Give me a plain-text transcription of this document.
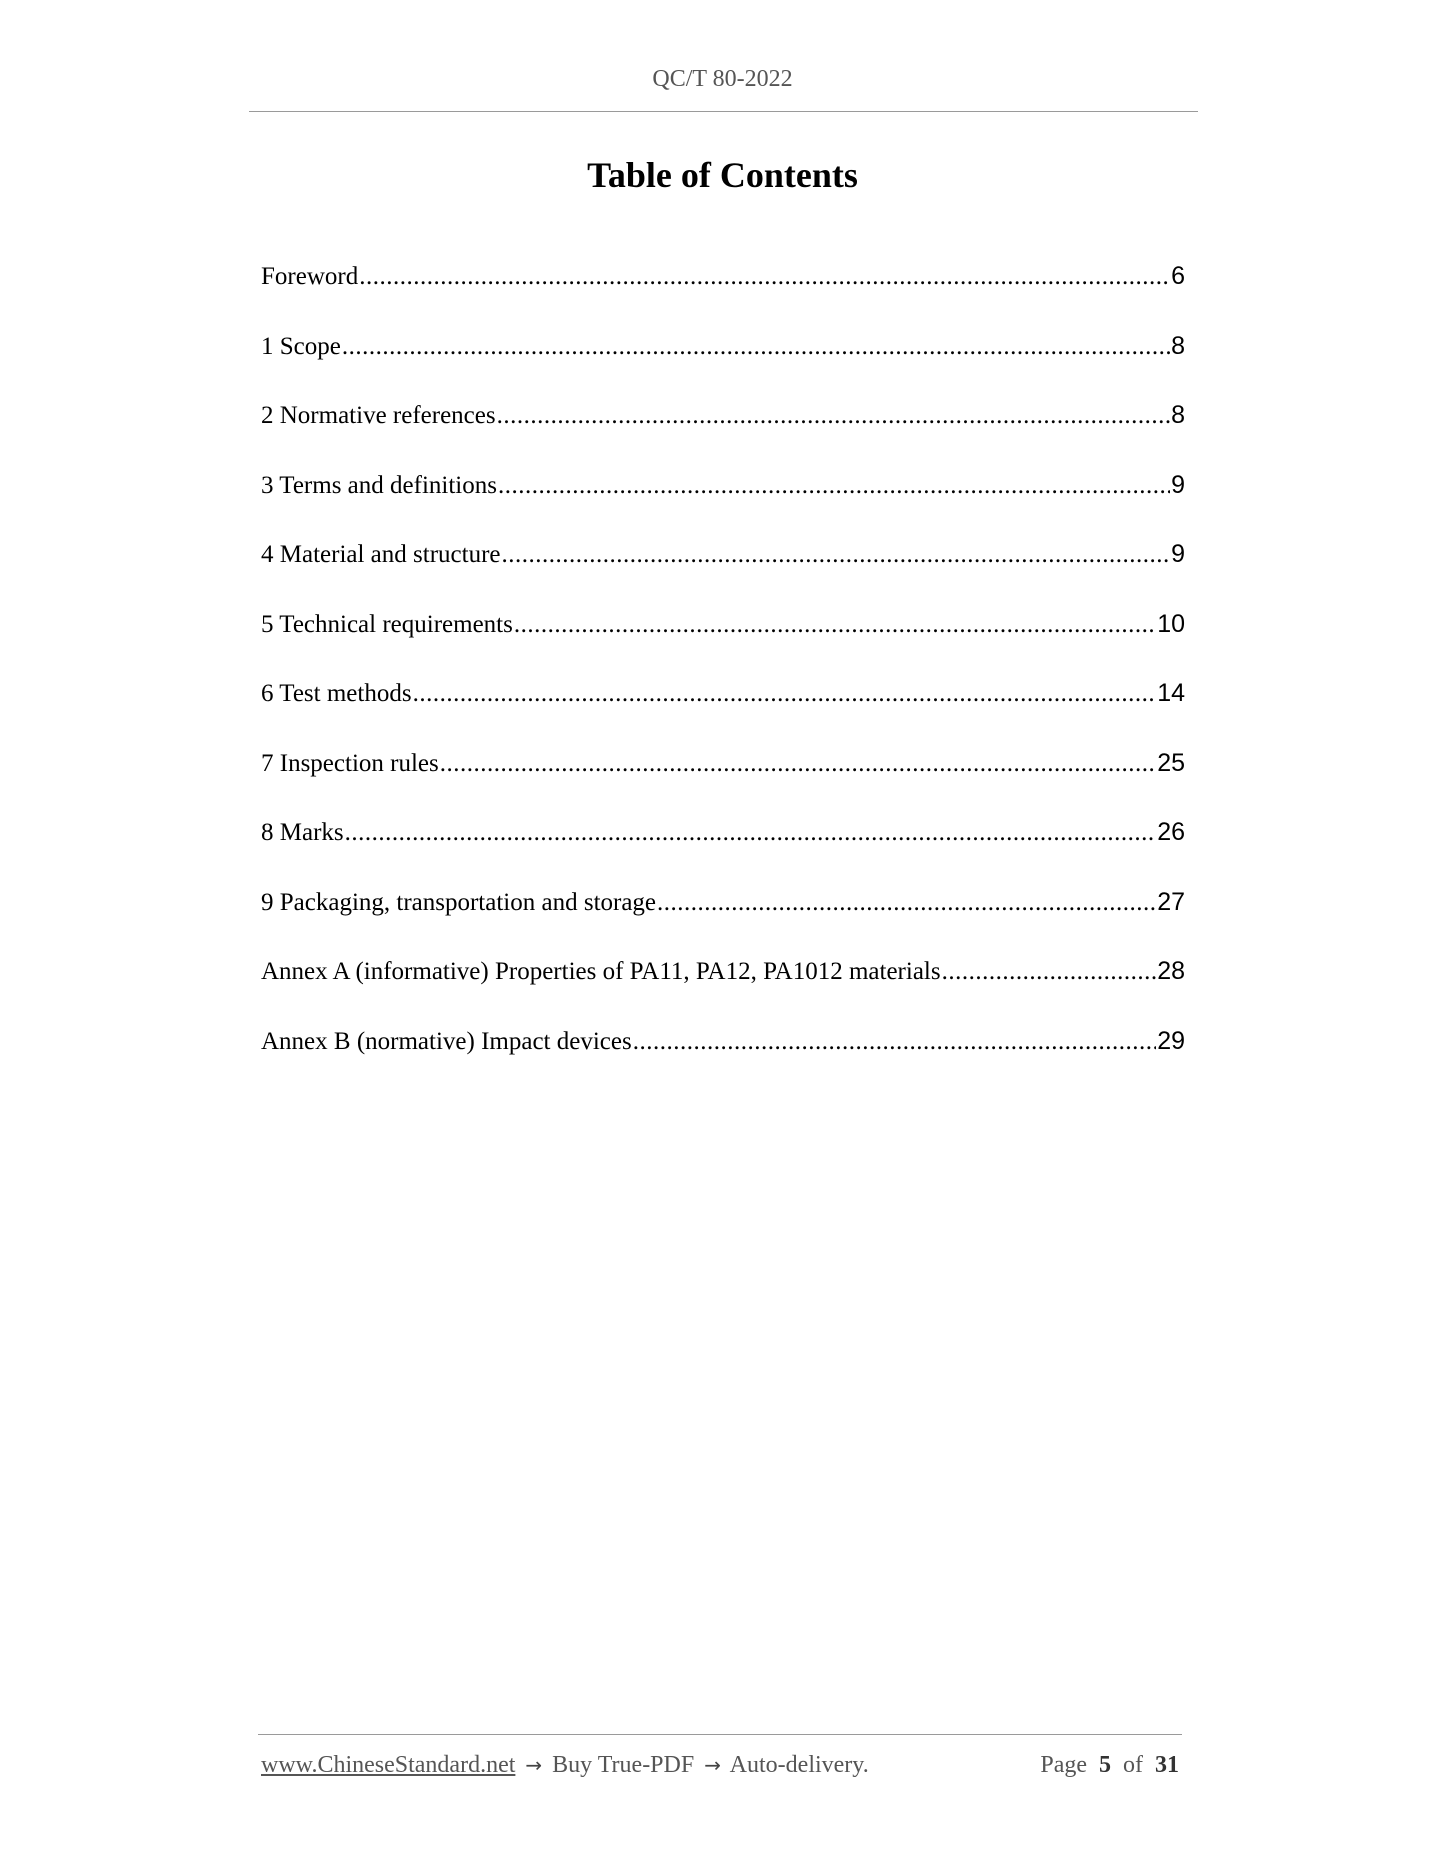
QC/T 80-2022
Table of Contents
Foreword .....	6
1 Scope .....	8
2 Normative references .....	8
3 Terms and definitions .....	9
4 Material and structure .....	9
5 Technical requirements .....	10
6 Test methods .....	14
7 Inspection rules .....	25
8 Marks .....	26
9 Packaging, transportation and storage .....	27
Annex A (informative) Properties of PA11, PA12, PA1012 materials .....	28
Annex B (normative) Impact devices .....	29
www.ChineseStandard.net → Buy True-PDF → Auto-delivery.	Page 5 of 31
